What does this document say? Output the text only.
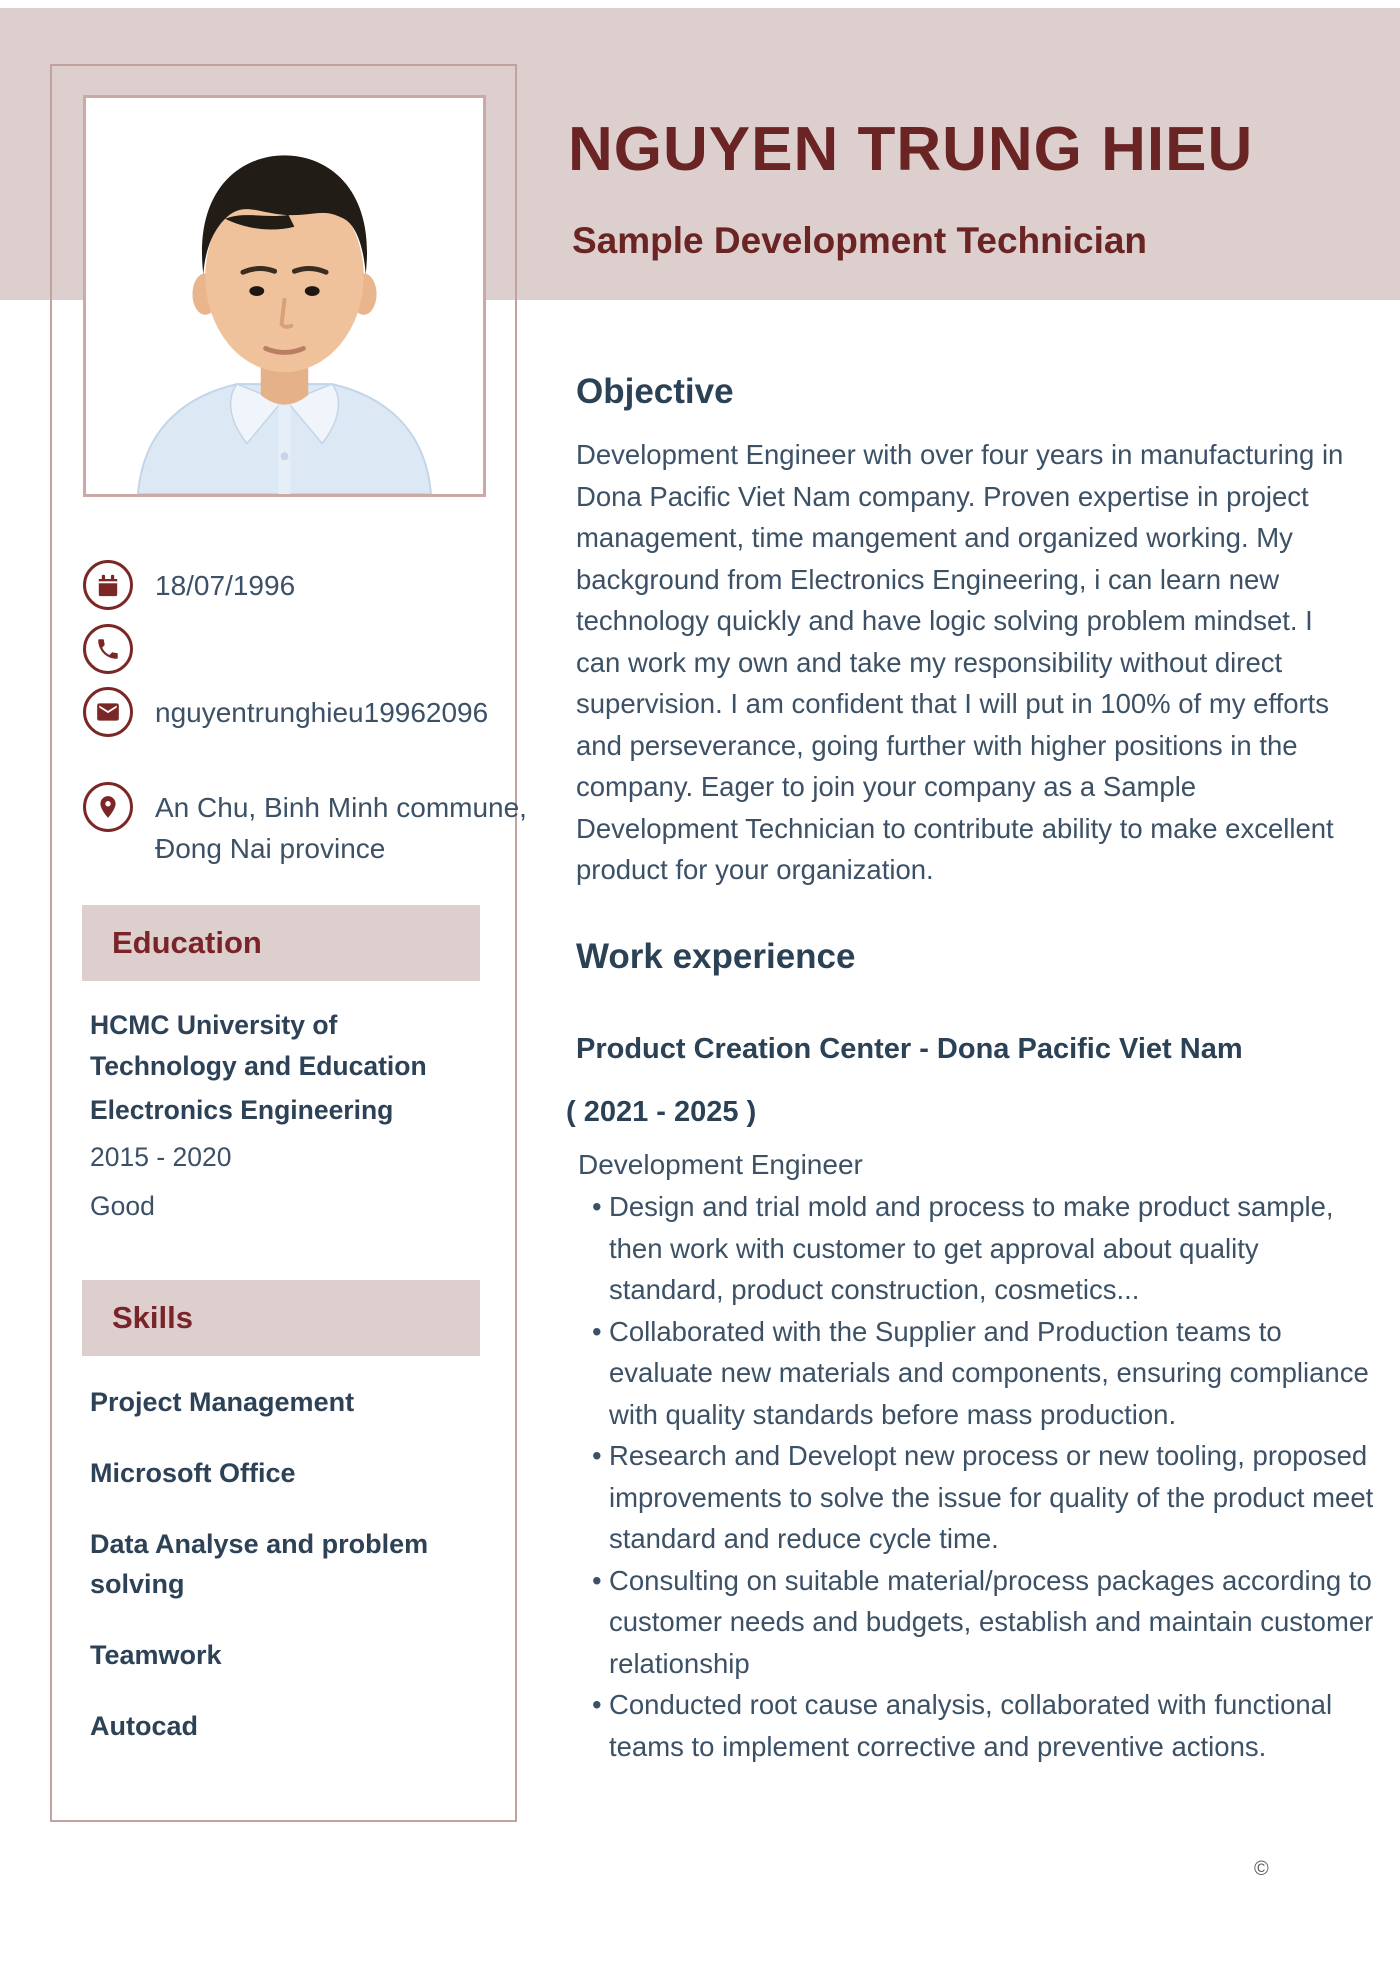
NGUYEN TRUNG HIEU
Sample Development Technician
18/07/1996
nguyentrunghieu19962096
An Chu, Binh Minh commune,
Đong Nai province
Education
HCMC University of Technology and Education
Electronics Engineering
2015 - 2020
Good
Skills
Project Management
Microsoft Office
Data Analyse and problem solving
Teamwork
Autocad
Objective
Development Engineer with over four years in manufacturing in Dona Pacific Viet Nam company. Proven expertise in project management, time mangement and organized working. My background from Electronics Engineering, i can learn new technology quickly and have logic solving problem mindset. I can work my own and take my responsibility without direct supervision. I am confident that I will put in 100% of my efforts and perseverance, going further with higher positions in the company. Eager to join your company as a Sample Development Technician to contribute ability to make excellent product for your organization.
Work experience
Product Creation Center - Dona Pacific Viet Nam
( 2021 - 2025 )
Development Engineer
• Design and trial mold and process to make product sample, then work with customer to get approval about quality standard, product construction, cosmetics...
• Collaborated with the Supplier and Production teams to evaluate new materials and components, ensuring compliance with quality standards before mass production.
• Research and Developt new process or new tooling, proposed improvements to solve the issue for quality of the product meet standard and reduce cycle time.
• Consulting on suitable material/process packages according to customer needs and budgets, establish and maintain customer relationship
• Conducted root cause analysis, collaborated with functional teams to implement corrective and preventive actions.
©
